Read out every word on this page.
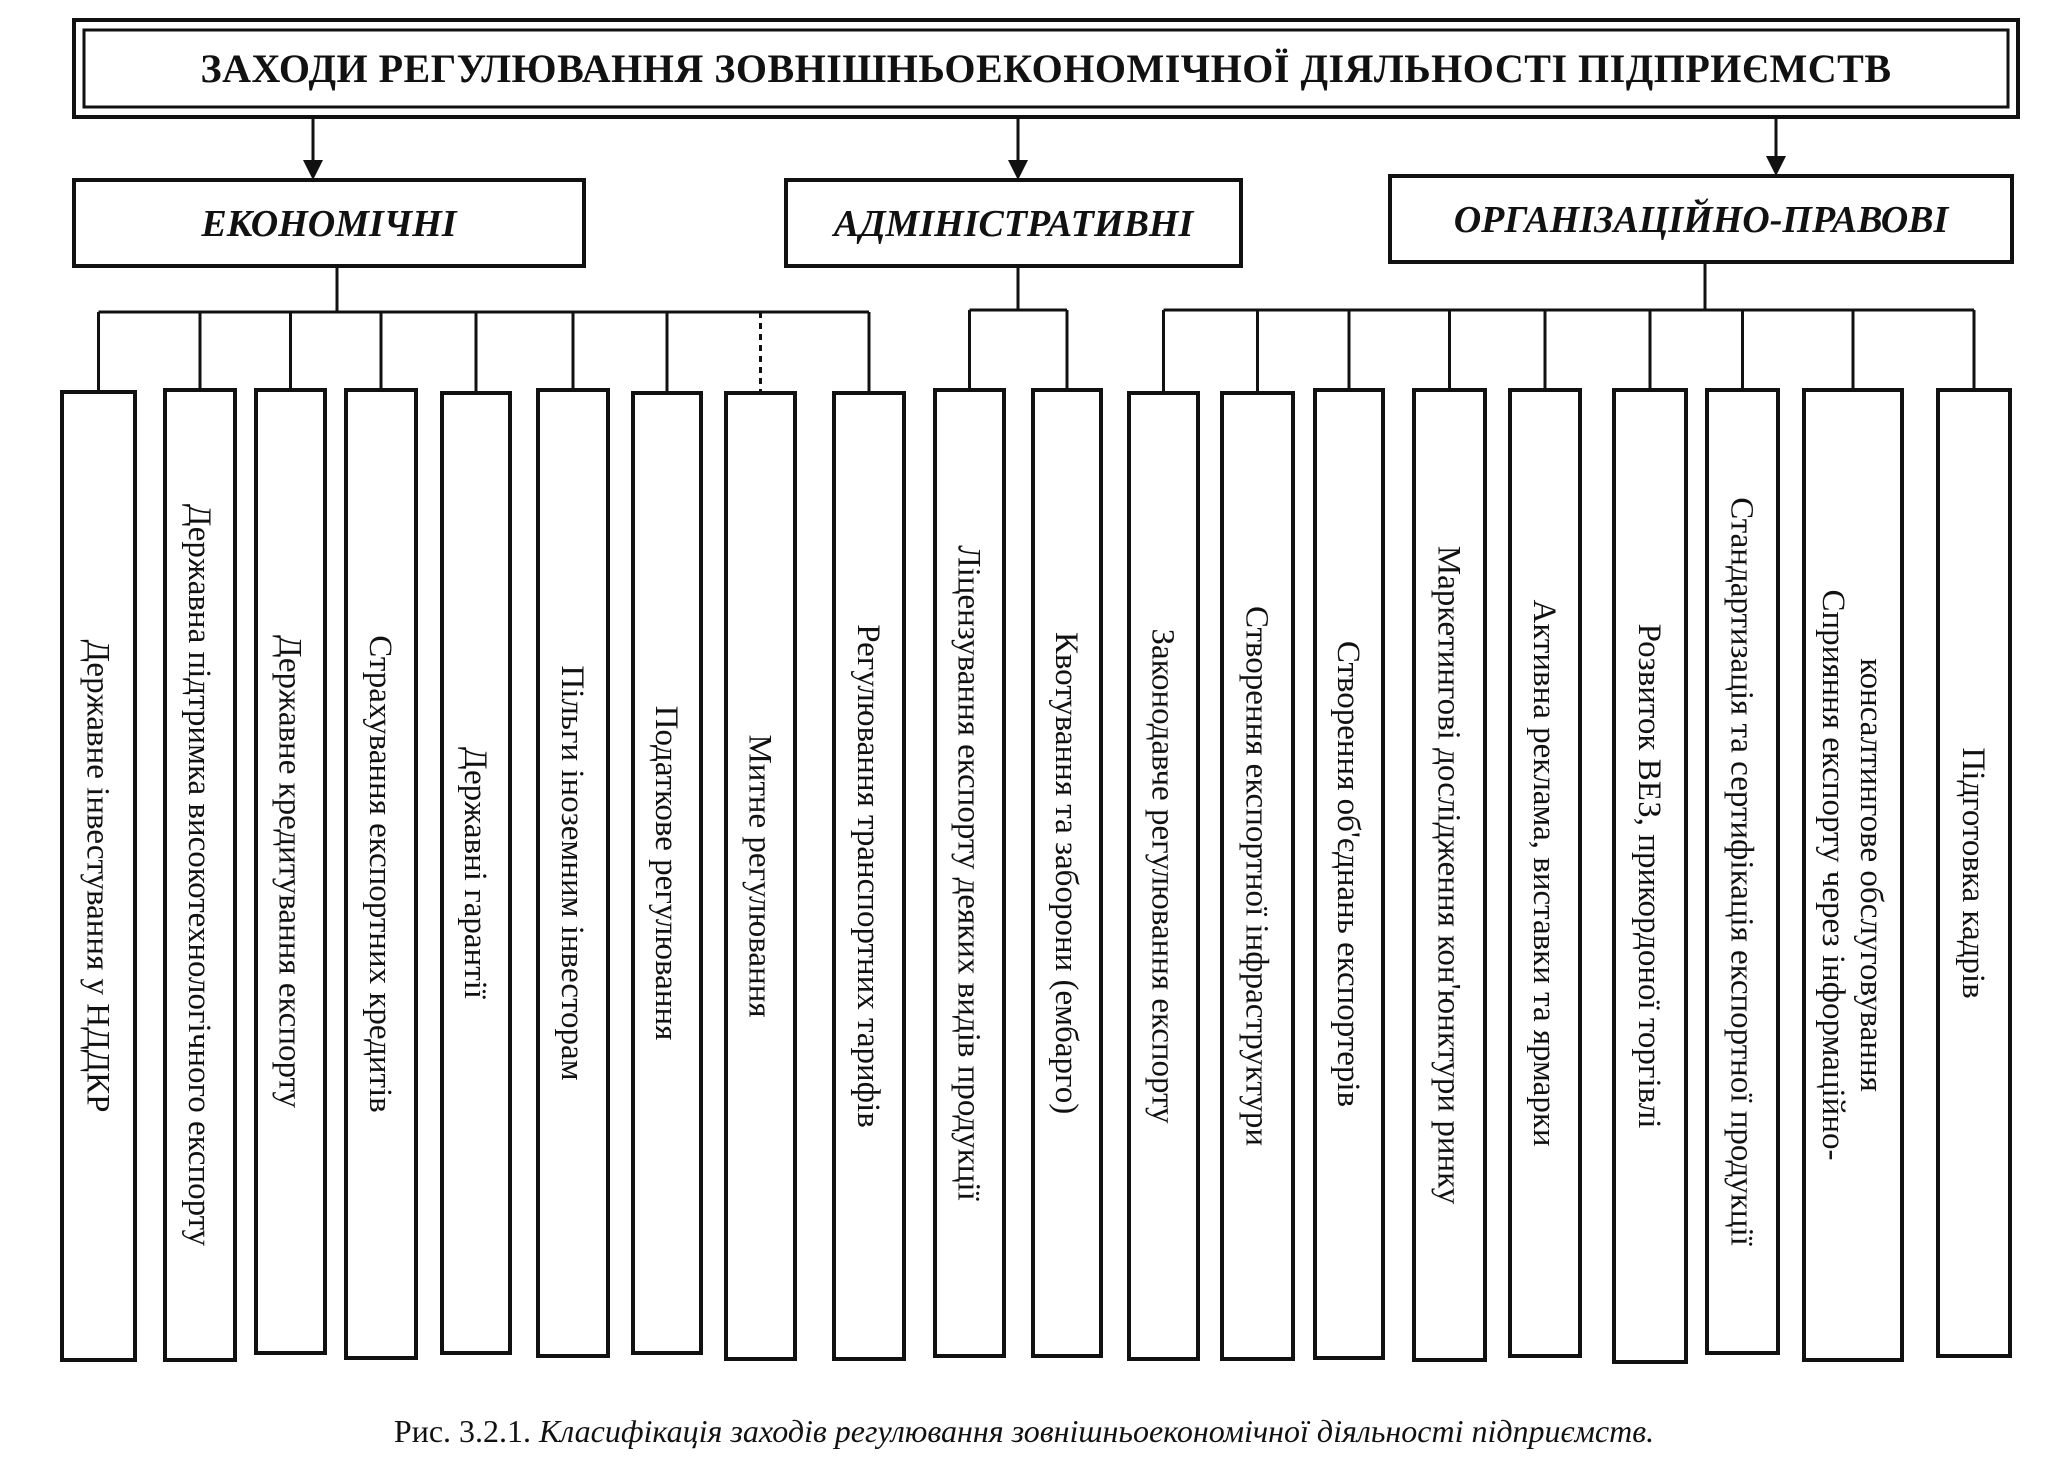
ЗАХОДИ РЕГУЛЮВАННЯ ЗОВНІШНЬОЕКОНОМІЧНОЇ ДІЯЛЬНОСТІ ПІДПРИЄМСТВ
ЕКОНОМІЧНІ	АДМІНІСТРАТИВНІ	ОРГАНІЗАЦІЙНО-ПРАВОВІ
Державне інвестування у НДДКР Державна підтримка високотехнологічного експорту Державне кредитування експорту Страхування експортних кредитів Державні гарантії Пільги іноземним інвесторам Податкове регулювання Митне регулювання Регулювання транспортних тарифів Ліцензування експорту деяких видів продукції Квотування та заборони (ембарго) Законодавче регулювання експорту Створення експортної інфраструктури Створення об'єднань експортерів Маркетингові дослідження кон'юнктури ринку Активна реклама, виставки та ярмарки Розвиток ВЕЗ, прикордоної торгівлі Стандартизація та сертифікація експортної продукції Сприяння експорту через інформаційно-консалтингове обслуговування Підготовка кадрів
Рис. 3.2.1. Класифікація заходів регулювання зовнішньоекономічної діяльності підприємств.
